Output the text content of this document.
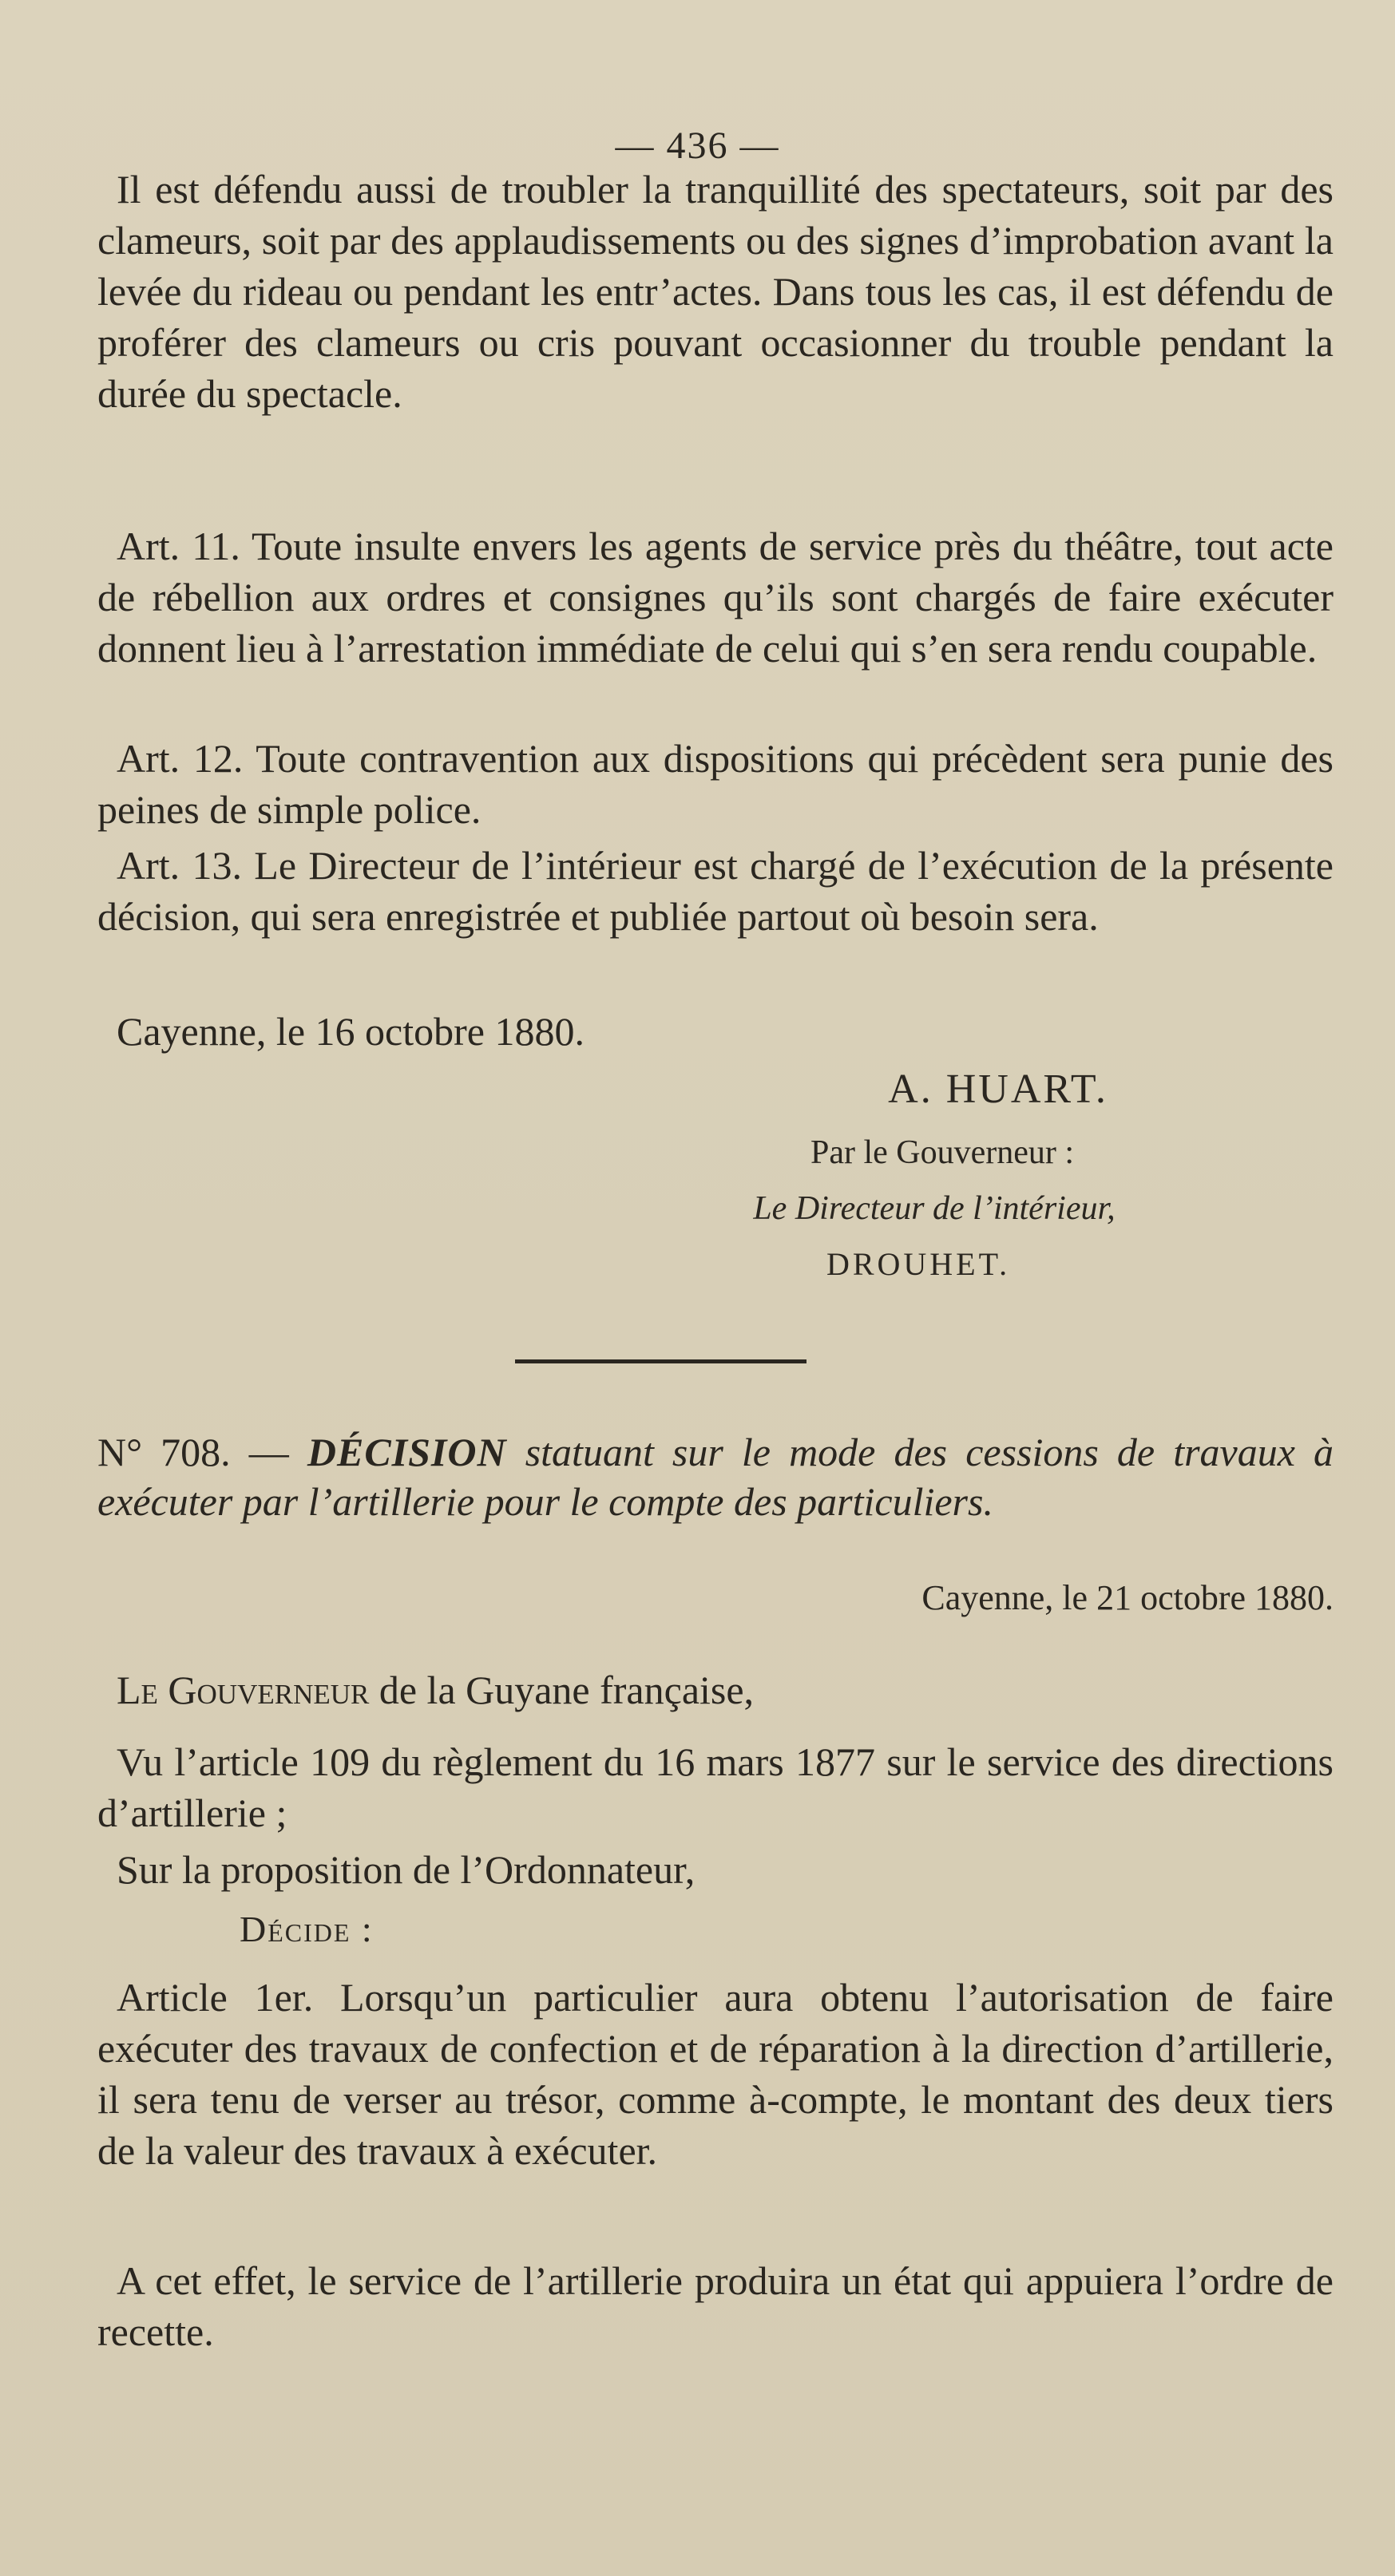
— 436 —

Il est défendu aussi de troubler la tranquillité des spectateurs, soit par des clameurs, soit par des applaudissements ou des signes d’improbation avant la levée du rideau ou pendant les entr’actes. Dans tous les cas, il est défendu de proférer des clameurs ou cris pouvant occasionner du trouble pendant la durée du spectacle.

Art. 11. Toute insulte envers les agents de service près du théâtre, tout acte de rébellion aux ordres et consignes qu’ils sont chargés de faire exécuter donnent lieu à l’arrestation immédiate de celui qui s’en sera rendu coupable.

Art. 12. Toute contravention aux dispositions qui précèdent sera punie des peines de simple police.

Art. 13. Le Directeur de l’intérieur est chargé de l’exécution de la présente décision, qui sera enregistrée et publiée partout où besoin sera.

Cayenne, le 16 octobre 1880.

A. HUART.
Par le Gouverneur :
Le Directeur de l’intérieur,
DROUHET.

N° 708. — DÉCISION statuant sur le mode des cessions de travaux à exécuter par l’artillerie pour le compte des particuliers.

Cayenne, le 21 octobre 1880.

Le Gouverneur de la Guyane française,

Vu l’article 109 du règlement du 16 mars 1877 sur le service des directions d’artillerie ;

Sur la proposition de l’Ordonnateur,

Décide :

Article 1er. Lorsqu’un particulier aura obtenu l’autorisation de faire exécuter des travaux de confection et de réparation à la direction d’artillerie, il sera tenu de verser au trésor, comme à-compte, le montant des deux tiers de la valeur des travaux à exécuter.

A cet effet, le service de l’artillerie produira un état qui appuiera l’ordre de recette.
